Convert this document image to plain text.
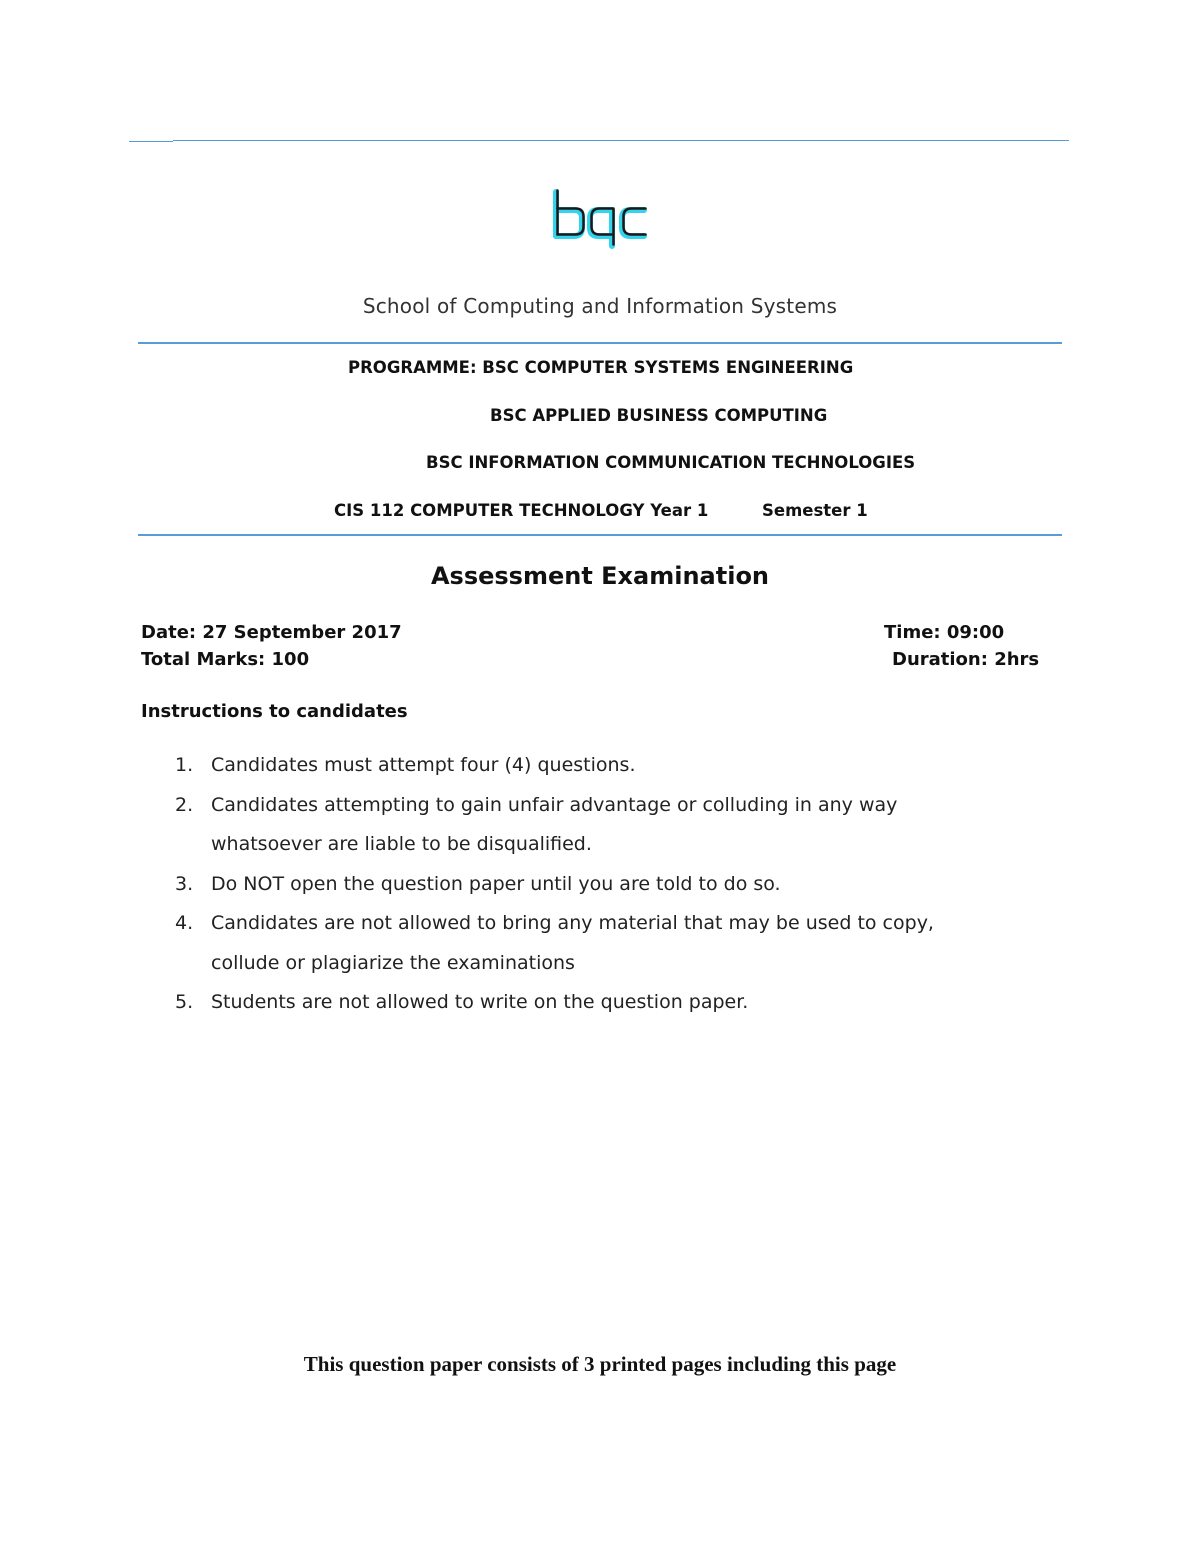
School of Computing and Information Systems
PROGRAMME: BSC COMPUTER SYSTEMS ENGINEERING
BSC APPLIED BUSINESS COMPUTING
BSC INFORMATION COMMUNICATION TECHNOLOGIES
CIS 112 COMPUTER TECHNOLOGY Year 1	Semester 1
Assessment Examination
Date: 27 September 2017	Time: 09:00
Total Marks: 100	Duration: 2hrs
Instructions to candidates
1. Candidates must attempt four (4) questions.
2. Candidates attempting to gain unfair advantage or colluding in any way
whatsoever are liable to be disqualified.
3. Do NOT open the question paper until you are told to do so.
4. Candidates are not allowed to bring any material that may be used to copy,
collude or plagiarize the examinations
5. Students are not allowed to write on the question paper.
This question paper consists of 3 printed pages including this page
